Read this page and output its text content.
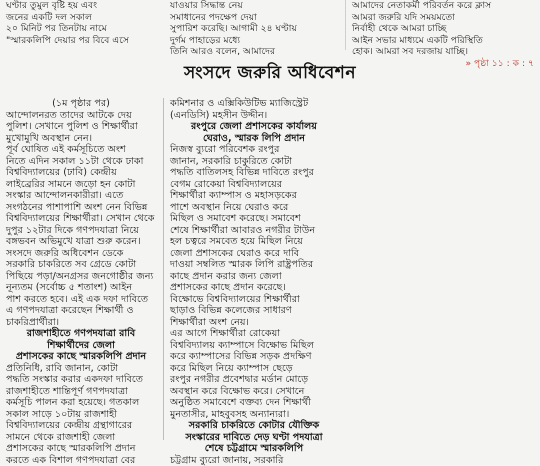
ঘণ্টার তুমুল বৃষ্টি হয় এবং
জনের একটি দল সকাল
২০ মিনিট পর তিনটায় নামে
"স্মারকলিপি দেয়ার পর বিবে এসে
যাওয়ার সিদ্ধান্ত নেয়
সমাধানের পদক্ষেপ দেয়া
সুপারিশ করেছি। আগামী ২৪ ঘণ্টায়
দুর্গম পাহাড়ের মধ্যে
তিনি আরও বলেন, আমাদের
আমাদের নেতাকর্মী পরিবর্তন করে ক্লাস
আমরা জরুরি যদি সময়মতো
নির্বাহী থেকে আমরা চাচ্ছি
আইন সভার মাধ্যমে একটি পরিস্থিতি
হোক। আমরা সব দরজায় যাচ্ছি।
» পৃষ্ঠা ১১ : ক : ৭
সংসদে জরুরি অধিবেশন
(১ম পৃষ্ঠার পর)
আন্দোলনরত তাদের আটকে দেয়
পুলিশ। সেখানে পুলিশ ও শিক্ষার্থীরা
মুখোমুখি অবস্থান নেন।
পূর্ব ঘোষিত এই কর্মসূচিতে অংশ
নিতে এদিন সকাল ১১টা থেকে ঢাকা
বিশ্ববিদ্যালয়ের (ঢাবি) কেন্দ্রীয়
লাইব্রেরির সামনে জড়ো হন কোটা
সংস্কার আন্দোলনকারীরা। এতে
সংগঠনের পাশাপাশি অংশ নেন বিভিন্ন
বিশ্ববিদ্যালয়ের শিক্ষার্থীরা। সেখান থেকে
দুপুর ১২টার দিকে গণপদযাত্রা নিয়ে
বঙ্গভবন অভিমুখে যাত্রা শুরু করেন।
সংসদে জরুরি অধিবেশন ডেকে
সরকারি চাকরিতে সব গ্রেডে কোটা
পিছিয়ে পড়া/অনগ্রসর জনগোষ্ঠীর জন্য
নূন্যতম (সর্বোচ্চ ৫ শতাংশ) আইন
পাশ করতে হবে। এই এক দফা দাবিতে
এ গণপদযাত্রা করেছেন শিক্ষার্থী ও
চাকরিপ্রার্থীরা।
রাজশাহীতে গণপদযাত্রা রাবি
শিক্ষার্থীদের জেলা
প্রশাসকের কাছে স্মারকলিপি প্রদান
প্রতিনিধি, রাবি জানান, কোটা
পদ্ধতি সংস্কার করার একদফা দাবিতে
রাজশাহীতে শান্তিপূর্ণ গণপদযাত্রা
কর্মসূচি পালন করা হয়েছে। গতকাল
সকাল সাড়ে ১০টায় রাজশাহী
বিশ্ববিদ্যালয়ের কেন্দ্রীয় গ্রন্থাগারের
সামনে থেকে রাজশাহী জেলা
প্রশাসকের কাছে স্মারকলিপি প্রদান
করতে এক বিশাল গণপদযাত্রা বের
কমিশনার ও এক্সিকিউটিভ ম্যাজিস্ট্রেট
(এনডিসি) মহসীন উদ্দীন।
রংপুরে জেলা প্রশাসকের কার্যালয়
ঘেরাও, স্মারক লিপি প্রদান
নিজস্ব ব্যুরো পরিবেশক রংপুর
জানান, সরকারি চাকুরিতে কোটা
পদ্ধতি বাতিলসহ বিভিন্ন দাবিতে রংপুর
বেগম রোকেয়া বিশ্ববিদ্যালয়ের
শিক্ষার্থীরা ক্যাম্পাস ও মহাসড়কের
পাশে অবস্থান নিয়ে ঘেরাও করে
মিছিল ও সমাবেশ করেছে। সমাবেশ
শেষে শিক্ষার্থীরা আবারও নগরীর টাউন
হল চত্বরে সমবেত হয়ে মিছিল নিয়ে
জেলা প্রশাসকের ঘেরাও করে দাবি
দাওয়া সম্বলিত স্মারক লিপি রাষ্ট্রপতির
কাছে প্রদান করার জন্য জেলা
প্রশাসকের কাছে প্রদান করেছে।
বিক্ষোভে বিশ্ববিদ্যালয়ের শিক্ষার্থীরা
ছাড়াও বিভিন্ন কলেজের সাধারণ
শিক্ষার্থীরা অংশ নেয়।
এর আগে শিক্ষার্থীরা রোকেয়া
বিশ্ববিদ্যালয় ক্যাম্পাসে বিক্ষোভ মিছিল
করে ক্যাম্পাসের বিভিন্ন সড়ক প্রদক্ষিণ
করে মিছিল নিয়ে ক্যাম্পাস ছেড়ে
রংপুর নগরীর প্রবেশদ্বার মর্ডান মোড়ে
অবস্থান করে বিক্ষোভ করে। সেখানে
অনুষ্ঠিত সমাবেশে বক্তব্য দেন শিক্ষার্থী
মুনতাসীর, মাহবুবসহ অন্যান্যরা।
সরকারি চাকরিতে কোটার যৌক্তিক
সংস্কারের দাবিতে দেড় ঘণ্টা পদযাত্রা
শেষে চট্টগ্রামে স্মারকলিপি
চট্টগ্রাম ব্যুরো জানায়, সরকারি
